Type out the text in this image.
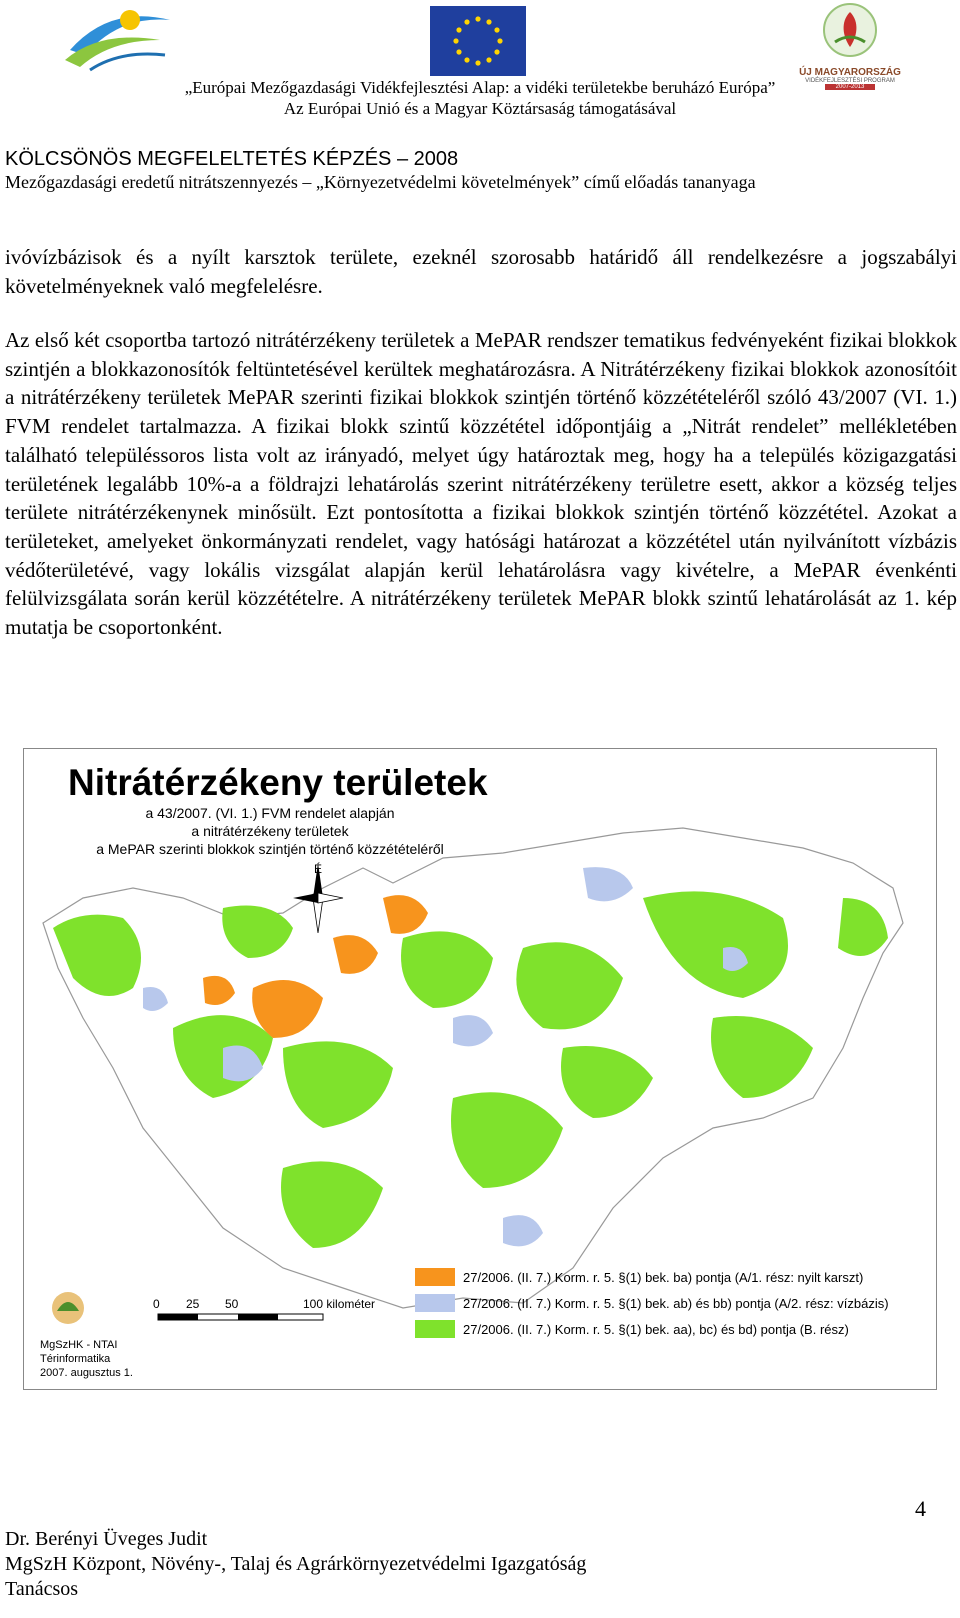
ÚJ MAGYARORSZÁG
VIDÉKFEJLESZTÉSI PROGRAM
2007-2013
„Európai Mezőgazdasági Vidékfejlesztési Alap: a vidéki területekbe beruházó Európa”
Az Európai Unió és a Magyar Köztársaság támogatásával
KÖLCSÖNÖS MEGFELELTETÉS KÉPZÉS – 2008
Mezőgazdasági eredetű nitrátszennyezés – „Környezetvédelmi követelmények” című előadás tananyaga

ivóvízbázisok és a nyílt karsztok területe, ezeknél szorosabb határidő áll rendelkezésre a jogszabályi követelményeknek való megfelelésre.

Az első két csoportba tartozó nitrátérzékeny területek a MePAR rendszer tematikus fedvényeként fizikai blokkok szintjén a blokkazonosítók feltüntetésével kerültek meghatározásra. A Nitrátérzékeny fizikai blokkok azonosítóit a nitrátérzékeny területek MePAR szerinti fizikai blokkok szintjén történő közzétételéről szóló 43/2007 (VI. 1.) FVM rendelet tartalmazza. A fizikai blokk szintű közzététel időpontjáig a „Nitrát rendelet” mellékletében található településsoros lista volt az irányadó, melyet úgy határoztak meg, hogy ha a település közigazgatási területének legalább 10%-a a földrajzi lehatárolás szerint nitrátérzékeny területre esett, akkor a község teljes területe nitrátérzékenynek minősült. Ezt pontosította a fizikai blokkok szintjén történő közzététel. Azokat a területeket, amelyeket önkormányzati rendelet, vagy hatósági határozat a közzététel után nyilvánított vízbázis védőterületévé, vagy lokális vizsgálat alapján kerül lehatárolásra vagy kivételre, a MePAR évenkénti felülvizsgálata során kerül közzétételre. A nitrátérzékeny területek MePAR blokk szintű lehatárolását az 1. kép mutatja be csoportonként.

Nitrátérzékeny területek
a 43/2007. (VI. 1.) FVM rendelet alapján
a nitrátérzékeny területek
a MePAR szerinti blokkok szintjén történő közzétételéről
É
0 25 50	100 kilométer
MgSzHK - NTAI
Térinformatika
2007. augusztus 1.
27/2006. (II. 7.) Korm. r. 5. §(1) bek. ba) pontja (A/1. rész: nyilt karszt)
27/2006. (II. 7.) Korm. r. 5. §(1) bek. ab) és bb) pontja (A/2. rész: vízbázis)
27/2006. (II. 7.) Korm. r. 5. §(1) bek. aa), bc) és bd) pontja (B. rész)
4
Dr. Berényi Üveges Judit
MgSzH Központ, Növény-, Talaj és Agrárkörnyezetvédelmi Igazgatóság
Tanácsos
